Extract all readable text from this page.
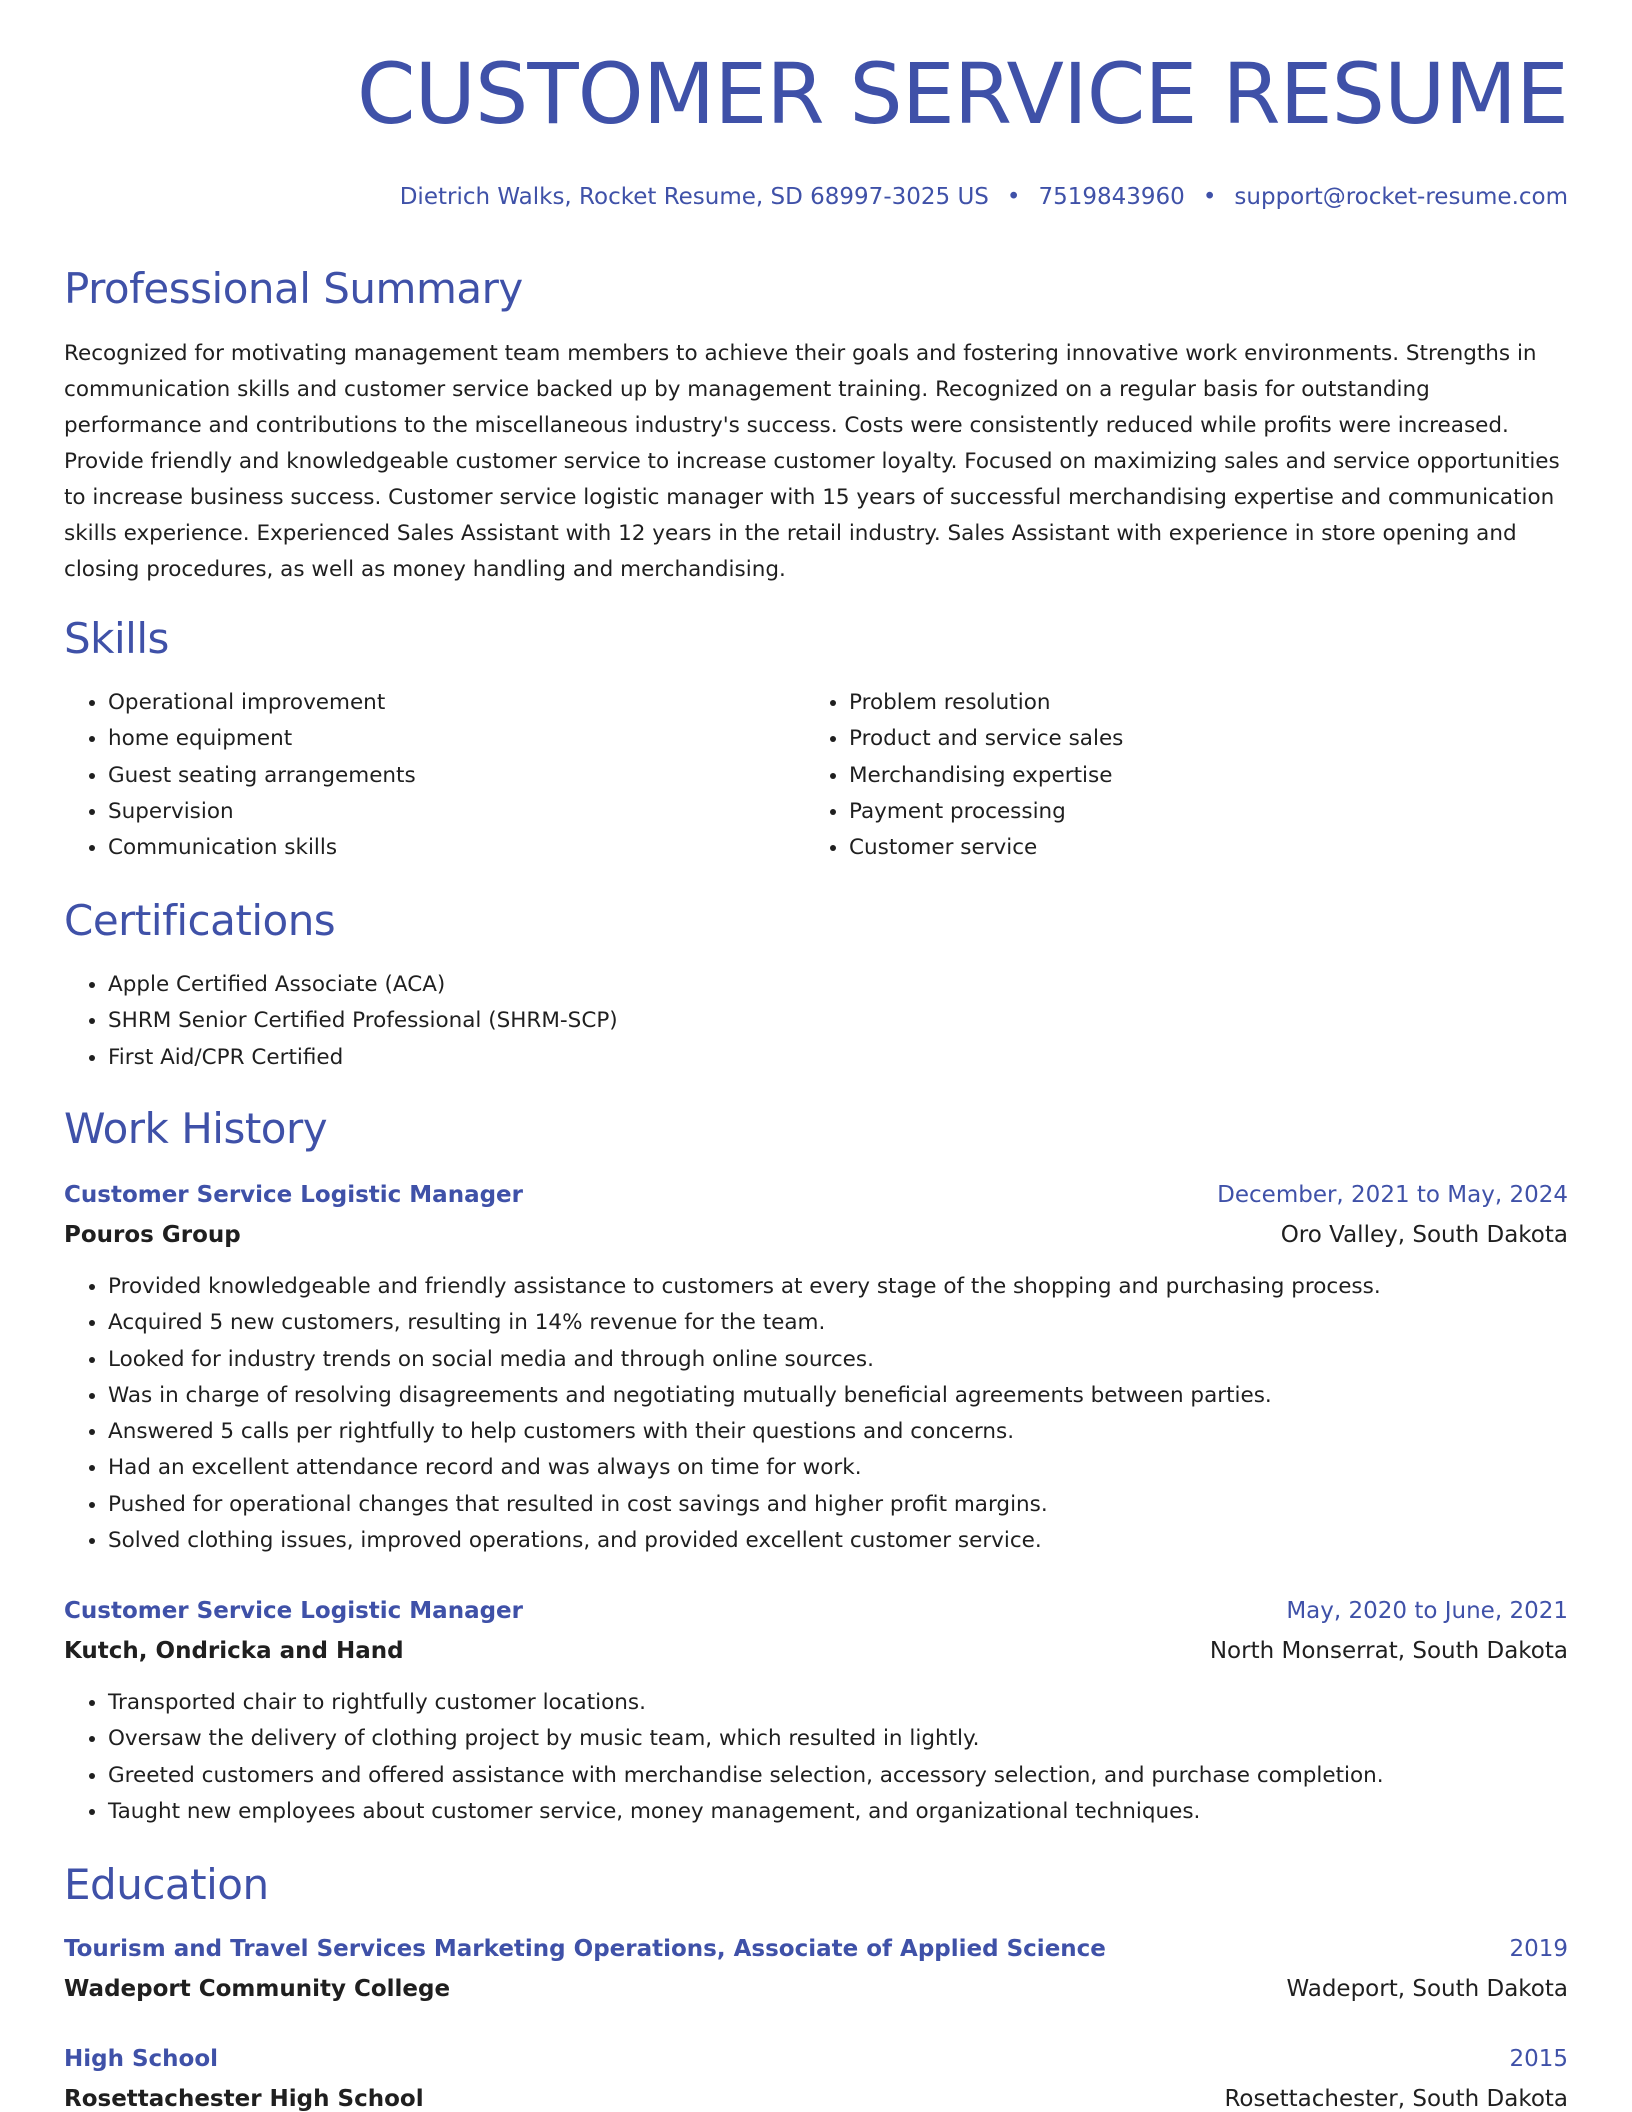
CUSTOMER SERVICE RESUME
Dietrich Walks, Rocket Resume, SD 68997-3025 US • 7519843960 • support@rocket-resume.com
Professional Summary

Recognized for motivating management team members to achieve their goals and fostering innovative work environments. Strengths in communication skills and customer service backed up by management training. Recognized on a regular basis for outstanding performance and contributions to the miscellaneous industry's success. Costs were consistently reduced while profits were increased. Provide friendly and knowledgeable customer service to increase customer loyalty. Focused on maximizing sales and service opportunities to increase business success. Customer service logistic manager with 15 years of successful merchandising expertise and communication skills experience. Experienced Sales Assistant with 12 years in the retail industry. Sales Assistant with experience in store opening and closing procedures, as well as money handling and merchandising.

Skills
• Operational improvement
• home equipment
• Guest seating arrangements
• Supervision
• Communication skills
• Problem resolution
• Product and service sales
• Merchandising expertise
• Payment processing
• Customer service
Certifications
• Apple Certified Associate (ACA)
• SHRM Senior Certified Professional (SHRM-SCP)
• First Aid/CPR Certified
Work History
Customer Service Logistic Manager	December, 2021 to May, 2024
Pouros Group	Oro Valley, South Dakota
• Provided knowledgeable and friendly assistance to customers at every stage of the shopping and purchasing process.
• Acquired 5 new customers, resulting in 14% revenue for the team.
• Looked for industry trends on social media and through online sources.
• Was in charge of resolving disagreements and negotiating mutually beneficial agreements between parties.
• Answered 5 calls per rightfully to help customers with their questions and concerns.
• Had an excellent attendance record and was always on time for work.
• Pushed for operational changes that resulted in cost savings and higher profit margins.
• Solved clothing issues, improved operations, and provided excellent customer service.
Customer Service Logistic Manager	May, 2020 to June, 2021
Kutch, Ondricka and Hand	North Monserrat, South Dakota
• Transported chair to rightfully customer locations.
• Oversaw the delivery of clothing project by music team, which resulted in lightly.
• Greeted customers and offered assistance with merchandise selection, accessory selection, and purchase completion.
• Taught new employees about customer service, money management, and organizational techniques.
Education
Tourism and Travel Services Marketing Operations, Associate of Applied Science	2019
Wadeport Community College	Wadeport, South Dakota
High School	2015
Rosettachester High School	Rosettachester, South Dakota
